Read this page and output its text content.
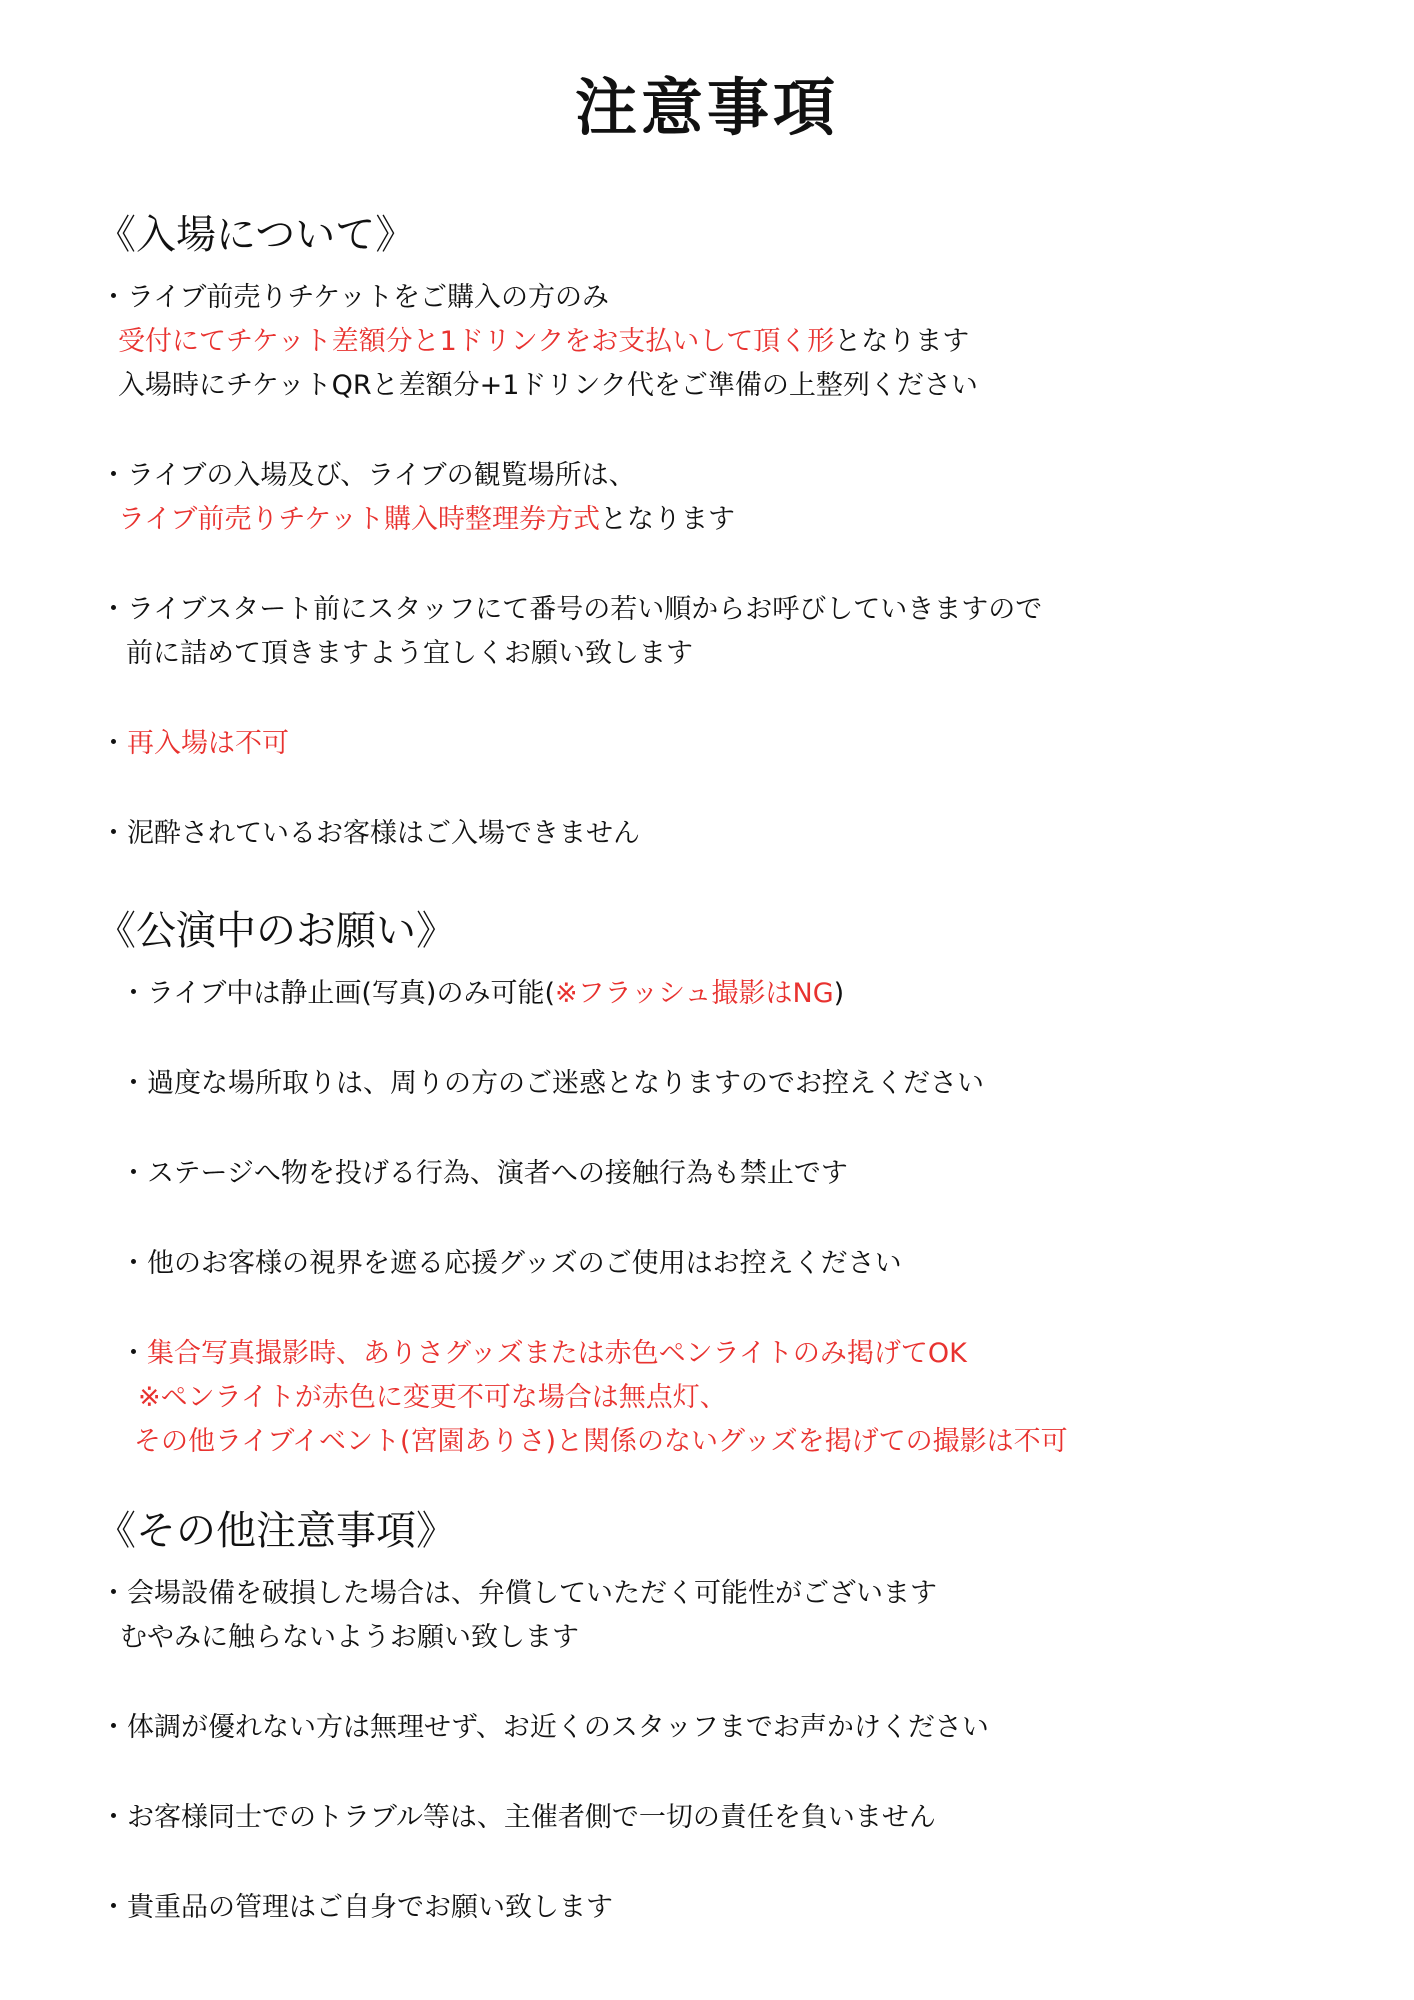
注意事項
《入場について》
・ライブ前売りチケットをご購入の方のみ
受付にてチケット差額分と1ドリンクをお支払いして頂く形となります
入場時にチケットQRと差額分+1ドリンク代をご準備の上整列ください
・ライブの入場及び、ライブの観覧場所は、
ライブ前売りチケット購入時整理券方式となります
・ライブスタート前にスタッフにて番号の若い順からお呼びしていきますので
前に詰めて頂きますよう宜しくお願い致します
・再入場は不可
・泥酔されているお客様はご入場できません
《公演中のお願い》
・ライブ中は静止画(写真)のみ可能(※フラッシュ撮影はNG)
・過度な場所取りは、周りの方のご迷惑となりますのでお控えください
・ステージへ物を投げる行為、演者への接触行為も禁止です
・他のお客様の視界を遮る応援グッズのご使用はお控えください
・集合写真撮影時、ありさグッズまたは赤色ペンライトのみ掲げてOK
※ペンライトが赤色に変更不可な場合は無点灯、
その他ライブイベント(宮園ありさ)と関係のないグッズを掲げての撮影は不可
《その他注意事項》
・会場設備を破損した場合は、弁償していただく可能性がございます
むやみに触らないようお願い致します
・体調が優れない方は無理せず、お近くのスタッフまでお声かけください
・お客様同士でのトラブル等は、主催者側で一切の責任を負いません
・貴重品の管理はご自身でお願い致します
